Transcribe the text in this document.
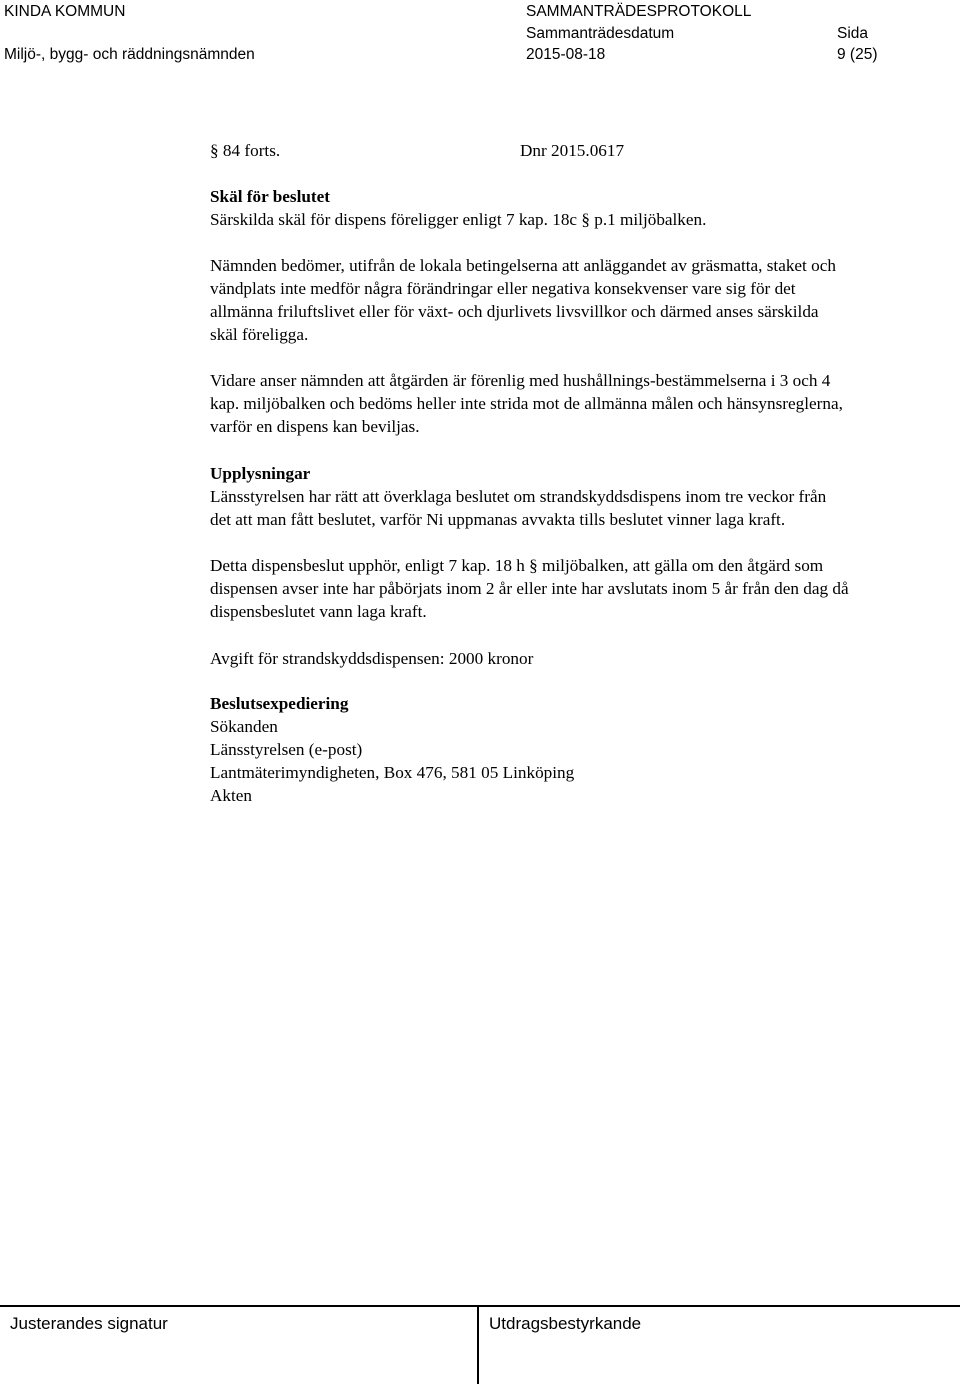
KINDA KOMMUN
Miljö-, bygg- och räddningsnämnden
SAMMANTRÄDESPROTOKOLL
Sammanträdesdatum
2015-08-18
Sida
9 (25)
§ 84 forts.	Dnr 2015.0617
Skäl för beslutet
Särskilda skäl för dispens föreligger enligt 7 kap. 18c § p.1 miljöbalken.
Nämnden bedömer, utifrån de lokala betingelserna att anläggandet av gräsmatta, staket och
vändplats inte medför några förändringar eller negativa konsekvenser vare sig för det
allmänna friluftslivet eller för växt- och djurlivets livsvillkor och därmed anses särskilda
skäl föreligga.
Vidare anser nämnden att åtgärden är förenlig med hushållnings-bestämmelserna i 3 och 4
kap. miljöbalken och bedöms heller inte strida mot de allmänna målen och hänsynsreglerna,
varför en dispens kan beviljas.
Upplysningar
Länsstyrelsen har rätt att överklaga beslutet om strandskyddsdispens inom tre veckor från
det att man fått beslutet, varför Ni uppmanas avvakta tills beslutet vinner laga kraft.
Detta dispensbeslut upphör, enligt 7 kap. 18 h § miljöbalken, att gälla om den åtgärd som
dispensen avser inte har påbörjats inom 2 år eller inte har avslutats inom 5 år från den dag då
dispensbeslutet vann laga kraft.
Avgift för strandskyddsdispensen: 2000 kronor
Beslutsexpediering
Sökanden
Länsstyrelsen (e-post)
Lantmäterimyndigheten, Box 476, 581 05 Linköping
Akten
Justerandes signatur	Utdragsbestyrkande
